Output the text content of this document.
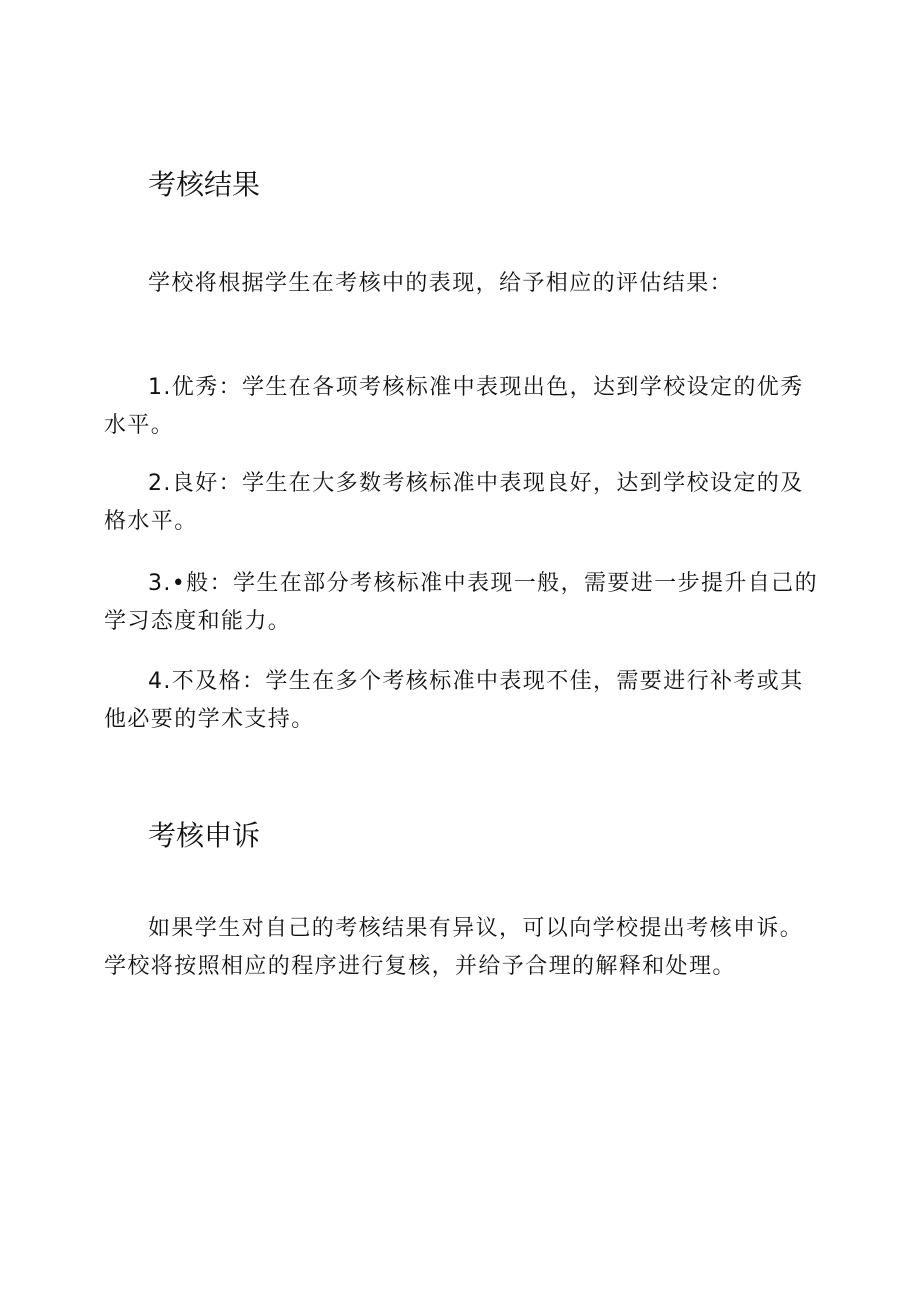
考核结果

学校将根据学生在考核中的表现，给予相应的评估结果：

1.优秀：学生在各项考核标准中表现出色，达到学校设定的优秀水平。

2.良好：学生在大多数考核标准中表现良好，达到学校设定的及格水平。

3.•般：学生在部分考核标准中表现一般，需要进一步提升自己的学习态度和能力。

4.不及格：学生在多个考核标准中表现不佳，需要进行补考或其他必要的学术支持。

考核申诉

如果学生对自己的考核结果有异议，可以向学校提出考核申诉。学校将按照相应的程序进行复核，并给予合理的解释和处理。
